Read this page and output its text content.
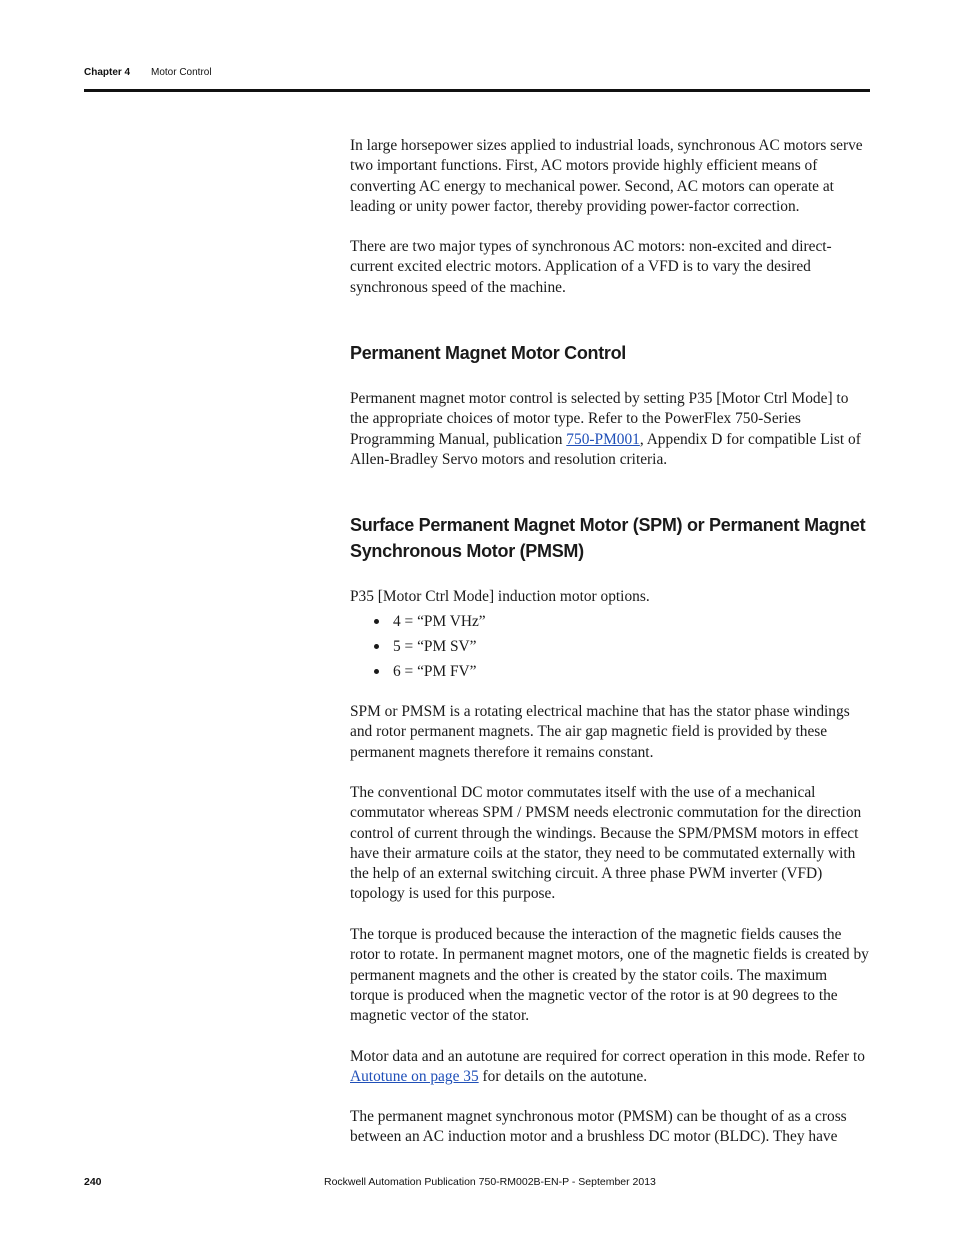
Chapter 4 Motor Control

In large horsepower sizes applied to industrial loads, synchronous AC motors serve two important functions. First, AC motors provide highly efficient means of converting AC energy to mechanical power. Second, AC motors can operate at leading or unity power factor, thereby providing power-factor correction.

There are two major types of synchronous AC motors: non-excited and direct-current excited electric motors. Application of a VFD is to vary the desired synchronous speed of the machine.

Permanent Magnet Motor Control

Permanent magnet motor control is selected by setting P35 [Motor Ctrl Mode] to the appropriate choices of motor type. Refer to the PowerFlex 750-Series Programming Manual, publication 750-PM001, Appendix D for compatible List of Allen-Bradley Servo motors and resolution criteria.

Surface Permanent Magnet Motor (SPM) or Permanent Magnet
Synchronous Motor (PMSM)

P35 [Motor Ctrl Mode] induction motor options.

4 = “PM VHz”
5 = “PM SV”
6 = “PM FV”

SPM or PMSM is a rotating electrical machine that has the stator phase windings and rotor permanent magnets. The air gap magnetic field is provided by these permanent magnets therefore it remains constant.

The conventional DC motor commutates itself with the use of a mechanical commutator whereas SPM / PMSM needs electronic commutation for the direction control of current through the windings. Because the SPM/PMSM motors in effect have their armature coils at the stator, they need to be commutated externally with the help of an external switching circuit. A three phase PWM inverter (VFD) topology is used for this purpose.

The torque is produced because the interaction of the magnetic fields causes the rotor to rotate. In permanent magnet motors, one of the magnetic fields is created by permanent magnets and the other is created by the stator coils. The maximum torque is produced when the magnetic vector of the rotor is at 90 degrees to the magnetic vector of the stator.

Motor data and an autotune are required for correct operation in this mode. Refer to Autotune on page 35 for details on the autotune.

The permanent magnet synchronous motor (PMSM) can be thought of as a cross between an AC induction motor and a brushless DC motor (BLDC). They have

240	Rockwell Automation Publication 750-RM002B-EN-P - September 2013
